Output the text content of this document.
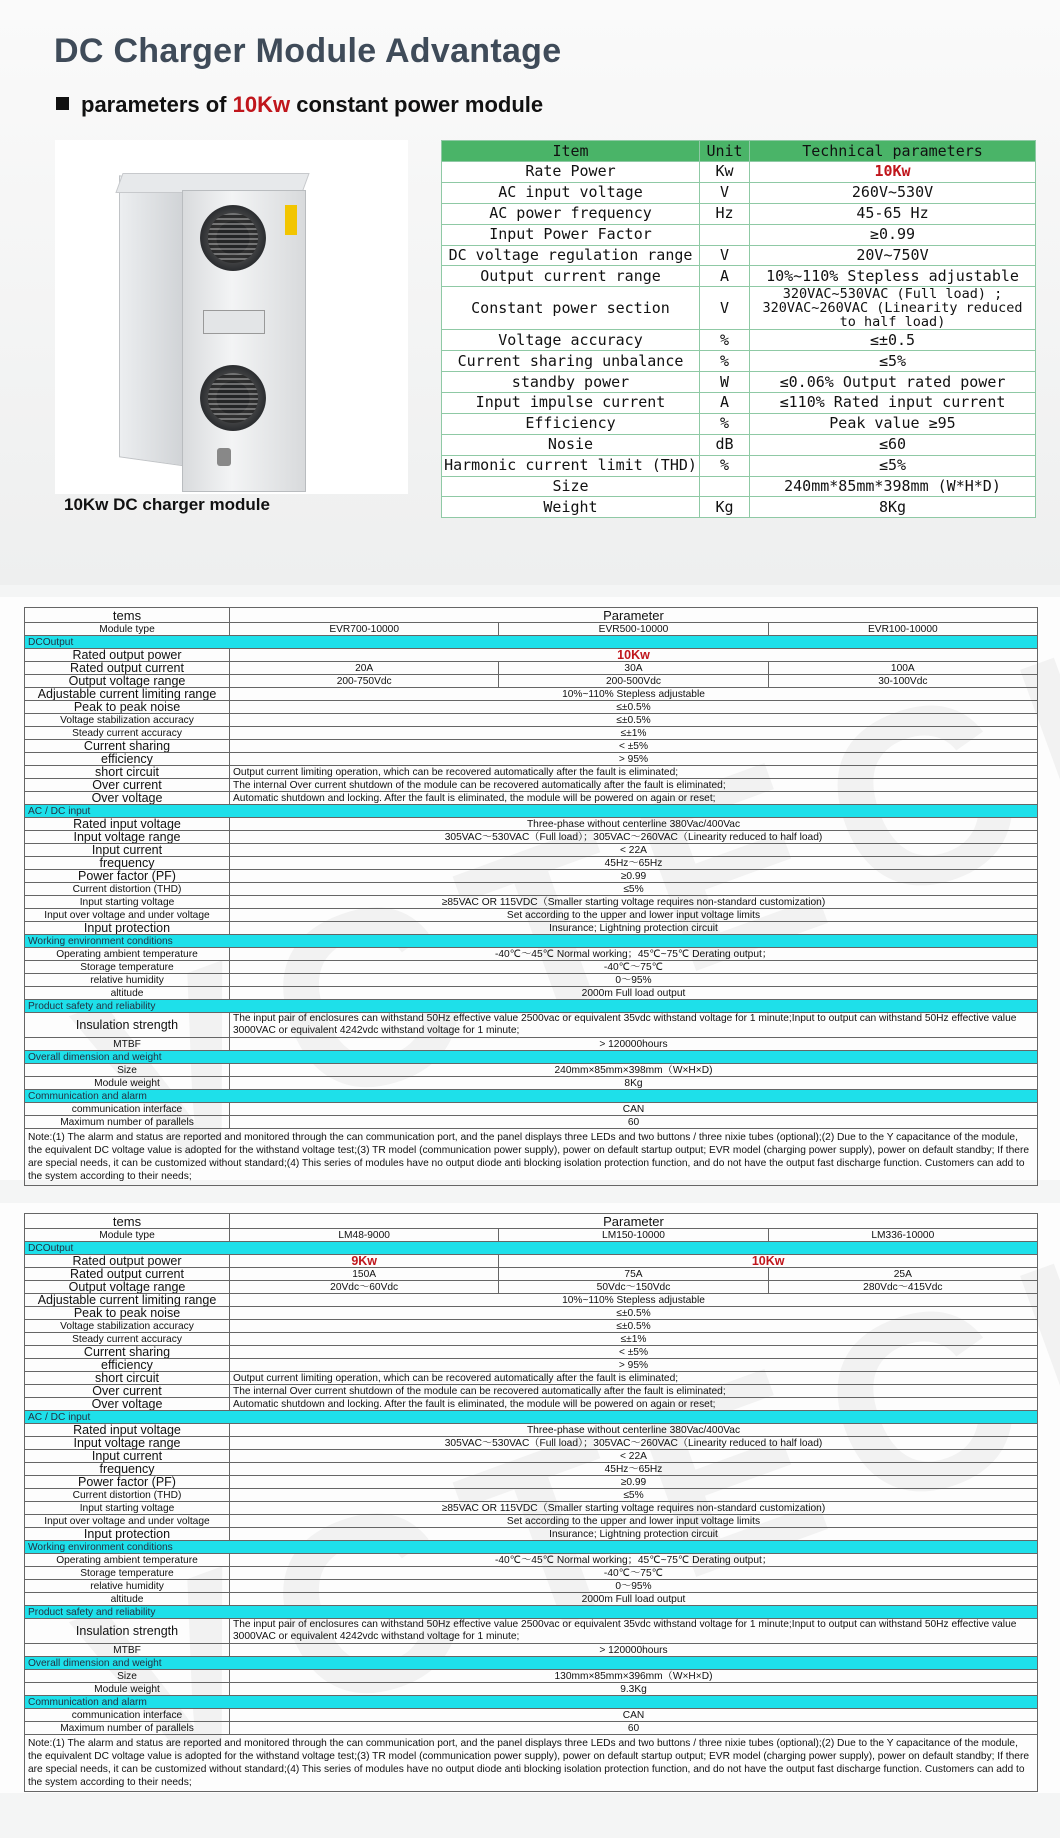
DC Charger Module Advantage
parameters of 10Kw constant power module
10Kw DC charger module
Item	Unit	Technical parameters
Rate Power	Kw	10Kw
AC input voltage	V	260V~530V
AC power frequency	Hz	45-65 Hz
Input Power Factor		≥0.99
DC voltage regulation range	V	20V~750V
Output current range	A	10%~110% Stepless adjustable
Constant power section	V	320VAC~530VAC (Full load) ; 320VAC~260VAC (Linearity reduced to half load)
Voltage accuracy	%	≤±0.5
Current sharing unbalance	%	≤5%
standby power	W	≤0.06% Output rated power
Input impulse current	A	≤110% Rated input current
Efficiency	%	Peak value ≥95
Nosie	dB	≤60
Harmonic current limit (THD)	%	≤5%
Size		240mm*85mm*398mm (W*H*D)
Weight	Kg	8Kg
tems	Parameter		
Module type	EVR700-10000	EVR500-10000	EVR100-10000
DCOutput			
Rated output power	10Kw		
Rated output current	20A	30A	100A
Output voltage range	200-750Vdc	200-500Vdc	30-100Vdc
Adjustable current limiting range	10%~110% Stepless adjustable		
Peak to peak noise	≤±0.5%		
Voltage stabilization accuracy	≤±0.5%		
Steady current accuracy	≤±1%		
Current sharing	< ±5%		
efficiency	> 95%		
short circuit	Output current limiting operation, which can be recovered automatically after the fault is eliminated;		
Over current	The internal Over current shutdown of the module can be recovered automatically after the fault is eliminated;		
Over voltage	Automatic shutdown and locking. After the fault is eliminated, the module will be powered on again or reset;		
AC / DC input			
Rated input voltage	Three-phase without centerline 380Vac/400Vac		
Input voltage range	305VAC～530VAC（Full load）；305VAC～260VAC（Linearity reduced to half load)		
Input current	< 22A		
frequency	45Hz～65Hz		
Power factor (PF)	≥0.99		
Current distortion (THD)	≤5%		
Input starting voltage	≥85VAC OR 115VDC（Smaller starting voltage requires non-standard customization)		
Input over voltage and under voltage	Set according to the upper and lower input voltage limits		
Input protection	Insurance; Lightning protection circuit		
Working environment conditions			
Operating ambient temperature	-40℃～45℃ Normal working；45℃~75℃ Derating output；		
Storage temperature	-40℃～75℃		
relative humidity	0～95%		
altitude	2000m Full load output		
Product safety and reliability			
Insulation strength	The input pair of enclosures can withstand 50Hz effective value 2500vac or equivalent 35vdc withstand voltage for 1 minute;Input to output can withstand 50Hz effective value 3000VAC or equivalent 4242vdc withstand voltage for 1 minute;		
MTBF	> 120000hours		
Overall dimension and weight			
Size	240mm×85mm×398mm（W×H×D)		
Module weight	8Kg		
Communication and alarm			
communication interface	CAN		
Maximum number of parallels	60		
Note:(1) The alarm and status are reported and monitored through the can communication port, and the panel displays three LEDs and two buttons / three nixie tubes (optional);(2) Due to the Y capacitance of the module, the equivalent DC voltage value is adopted for the withstand voltage test;(3) TR model (communication power supply), power on default startup output; EVR model (charging power supply), power on default standby; If there are special needs, it can be customized without standard;(4) This series of modules have no output diode anti blocking isolation protection function, and do not have the output fast discharge function. Customers can add to the system according to their needs;			
tems	Parameter		
Module type	LM48-9000	LM150-10000	LM336-10000
DCOutput			
Rated output power	9Kw	10Kw	
Rated output current	150A	75A	25A
Output voltage range	20Vdc～60Vdc	50Vdc～150Vdc	280Vdc～415Vdc
Adjustable current limiting range	10%~110% Stepless adjustable		
Peak to peak noise	≤±0.5%		
Voltage stabilization accuracy	≤±0.5%		
Steady current accuracy	≤±1%		
Current sharing	< ±5%		
efficiency	> 95%		
short circuit	Output current limiting operation, which can be recovered automatically after the fault is eliminated;		
Over current	The internal Over current shutdown of the module can be recovered automatically after the fault is eliminated;		
Over voltage	Automatic shutdown and locking. After the fault is eliminated, the module will be powered on again or reset;		
AC / DC input			
Rated input voltage	Three-phase without centerline 380Vac/400Vac		
Input voltage range	305VAC～530VAC（Full load）；305VAC～260VAC（Linearity reduced to half load)		
Input current	< 22A		
frequency	45Hz～65Hz		
Power factor (PF)	≥0.99		
Current distortion (THD)	≤5%		
Input starting voltage	≥85VAC OR 115VDC（Smaller starting voltage requires non-standard customization)		
Input over voltage and under voltage	Set according to the upper and lower input voltage limits		
Input protection	Insurance; Lightning protection circuit		
Working environment conditions			
Operating ambient temperature	-40℃～45℃ Normal working；45℃~75℃ Derating output；		
Storage temperature	-40℃～75℃		
relative humidity	0～95%		
altitude	2000m Full load output		
Product safety and reliability			
Insulation strength	The input pair of enclosures can withstand 50Hz effective value 2500vac or equivalent 35vdc withstand voltage for 1 minute;Input to output can withstand 50Hz effective value 3000VAC or equivalent 4242vdc withstand voltage for 1 minute;		
MTBF	> 120000hours		
Overall dimension and weight			
Size	130mm×85mm×396mm（W×H×D)		
Module weight	9.3Kg		
Communication and alarm			
communication interface	CAN		
Maximum number of parallels	60		
Note:(1) The alarm and status are reported and monitored through the can communication port, and the panel displays three LEDs and two buttons / three nixie tubes (optional);(2) Due to the Y capacitance of the module, the equivalent DC voltage value is adopted for the withstand voltage test;(3) TR model (communication power supply), power on default startup output; EVR model (charging power supply), power on default standby; If there are special needs, it can be customized without standard;(4) This series of modules have no output diode anti blocking isolation protection function, and do not have the output fast discharge function. Customers can add to the system according to their needs;			
